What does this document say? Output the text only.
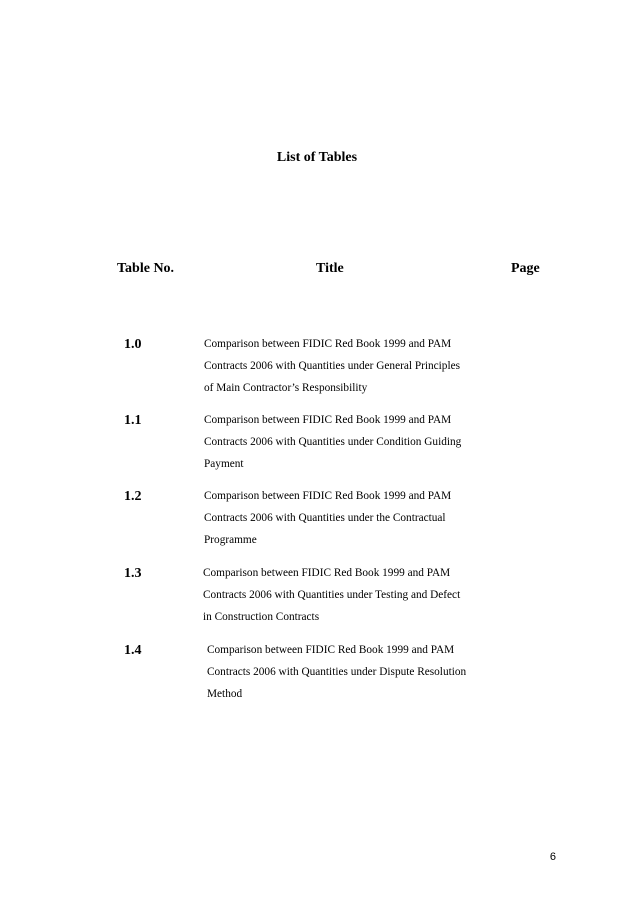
List of Tables
Table No.	Title	Page
1.0	Comparison between FIDIC Red Book 1999 and PAM
Contracts 2006 with Quantities under General Principles
of Main Contractor’s Responsibility
1.1	Comparison between FIDIC Red Book 1999 and PAM
Contracts 2006 with Quantities under Condition Guiding
Payment
1.2	Comparison between FIDIC Red Book 1999 and PAM
Contracts 2006 with Quantities under the Contractual
Programme
1.3	Comparison between FIDIC Red Book 1999 and PAM
Contracts 2006 with Quantities under Testing and Defect
in Construction Contracts
1.4	Comparison between FIDIC Red Book 1999 and PAM
Contracts 2006 with Quantities under Dispute Resolution
Method
6
